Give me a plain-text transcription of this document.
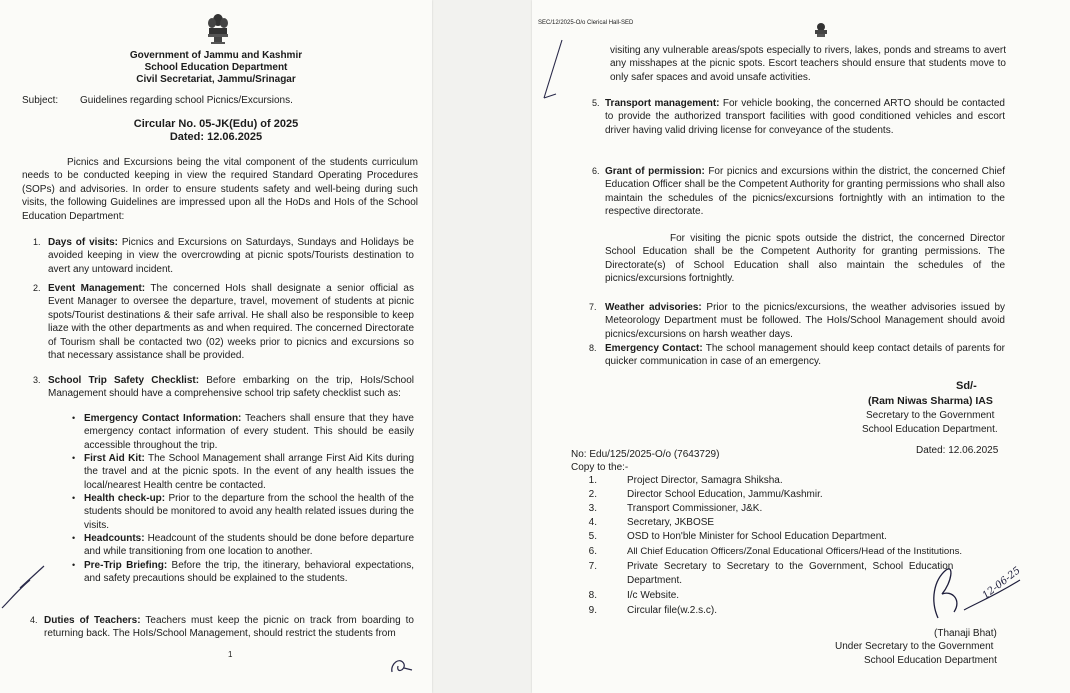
Government of Jammu and Kashmir
School Education Department
Civil Secretariat, Jammu/Srinagar
Subject: Guidelines regarding school Picnics/Excursions.
Circular No. 05-JK(Edu) of 2025
Dated: 12.06.2025
Picnics and Excursions being the vital component of the students curriculum needs to be conducted keeping in view the required Standard Operating Procedures (SOPs) and advisories. In order to ensure students safety and well-being during such visits, the following Guidelines are impressed upon all the HoDs and HoIs of the School Education Department:
1. Days of visits: Picnics and Excursions on Saturdays, Sundays and Holidays be avoided keeping in view the overcrowding at picnic spots/Tourists destination to avert any untoward incident.
2. Event Management: The concerned HoIs shall designate a senior official as Event Manager to oversee the departure, travel, movement of students at picnic spots/Tourist destinations & their safe arrival. He shall also be responsible to keep liaze with the other departments as and when required. The concerned Directorate of Tourism shall be contacted two (02) weeks prior to picnics and excursions so that necessary assistance shall be provided.
3. School Trip Safety Checklist: Before embarking on the trip, HoIs/School Management should have a comprehensive school trip safety checklist such as:
• Emergency Contact Information: Teachers shall ensure that they have emergency contact information of every student. This should be easily accessible throughout the trip.
• First Aid Kit: The School Management shall arrange First Aid Kits during the travel and at the picnic spots. In the event of any health issues the local/nearest Health centre be contacted.
• Health check-up: Prior to the departure from the school the health of the students should be monitored to avoid any health related issues during the visits.
• Headcounts: Headcount of the students should be done before departure and while transitioning from one location to another.
• Pre-Trip Briefing: Before the trip, the itinerary, behavioral expectations, and safety precautions should be explained to the students.
4. Duties of Teachers: Teachers must keep the picnic on track from boarding to returning back. The HoIs/School Management, should restrict the students from
1
SEC/12/2025-O/o Clerical Hall-SED
visiting any vulnerable areas/spots especially to rivers, lakes, ponds and streams to avert any misshapes at the picnic spots. Escort teachers should ensure that students move to only safer spaces and avoid unsafe activities.
5. Transport management: For vehicle booking, the concerned ARTO should be contacted to provide the authorized transport facilities with good conditioned vehicles and escort driver having valid driving license for conveyance of the students.
6. Grant of permission: For picnics and excursions within the district, the concerned Chief Education Officer shall be the Competent Authority for granting permissions who shall also maintain the schedules of the picnics/excursions fortnightly with an intimation to the respective directorate.
For visiting the picnic spots outside the district, the concerned Director School Education shall be the Competent Authority for granting permissions. The Directorate(s) of School Education shall also maintain the schedules of the picnics/excursions fortnightly.
7. Weather advisories: Prior to the picnics/excursions, the weather advisories issued by Meteorology Department must be followed. The HoIs/School Management should avoid picnics/excursions on harsh weather days.
8. Emergency Contact: The school management should keep contact details of parents for quicker communication in case of an emergency.
Sd/-
(Ram Niwas Sharma) IAS
Secretary to the Government
School Education Department.
No: Edu/125/2025-O/o (7643729)	Dated: 12.06.2025
Copy to the:-
1.	Project Director, Samagra Shiksha.
2.	Director School Education, Jammu/Kashmir.
3.	Transport Commissioner, J&K.
4.	Secretary, JKBOSE
5.	OSD to Hon'ble Minister for School Education Department.
6.	All Chief Education Officers/Zonal Educational Officers/Head of the Institutions.
7.	Private Secretary to Secretary to the Government, School Education
Department.
8.	I/c Website.
9.	Circular file(w.2.s.c).
12-06-25
(Thanaji Bhat)
Under Secretary to the Government
School Education Department
